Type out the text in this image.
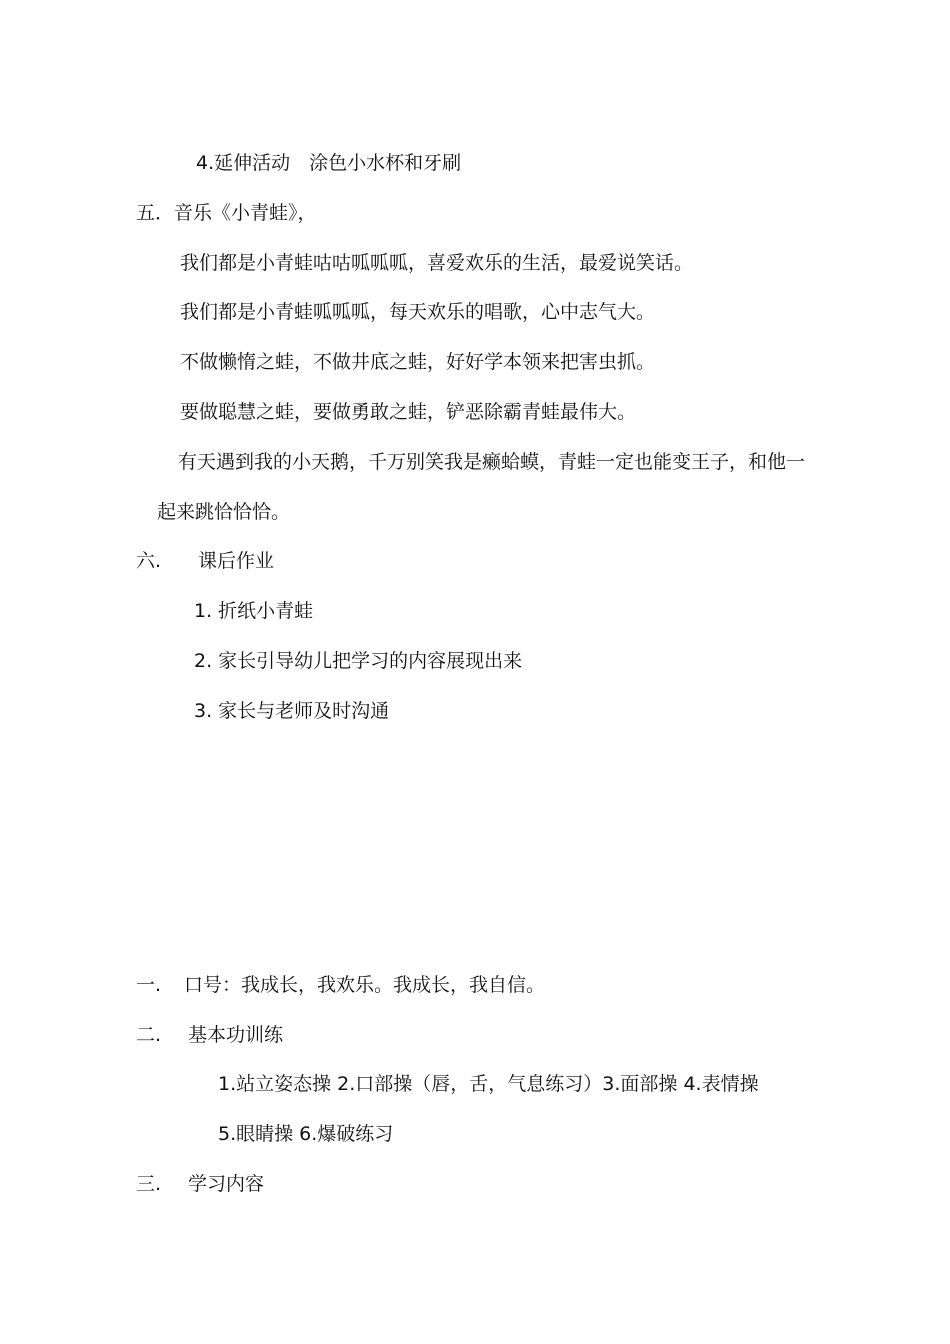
4.延伸活动　涂色小水杯和牙刷
五．音乐《小青蛙》，
我们都是小青蛙咕咕呱呱呱，喜爱欢乐的生活，最爱说笑话。
我们都是小青蛙呱呱呱，每天欢乐的唱歌，心中志气大。
不做懒惰之蛙，不做井底之蛙，好好学本领来把害虫抓。
要做聪慧之蛙，要做勇敢之蛙，铲恶除霸青蛙最伟大。
有天遇到我的小天鹅，千万别笑我是癞蛤蟆，青蛙一定也能变王子，和他一
起来跳恰恰恰。
六. 课后作业
1. 折纸小青蛙
2. 家长引导幼儿把学习的内容展现出来
3. 家长与老师及时沟通
一. 口号：我成长，我欢乐。我成长，我自信。
二. 基本功训练
1.站立姿态操 2.口部操（唇，舌，气息练习）3.面部操 4.表情操
5.眼睛操 6.爆破练习
三. 学习内容
